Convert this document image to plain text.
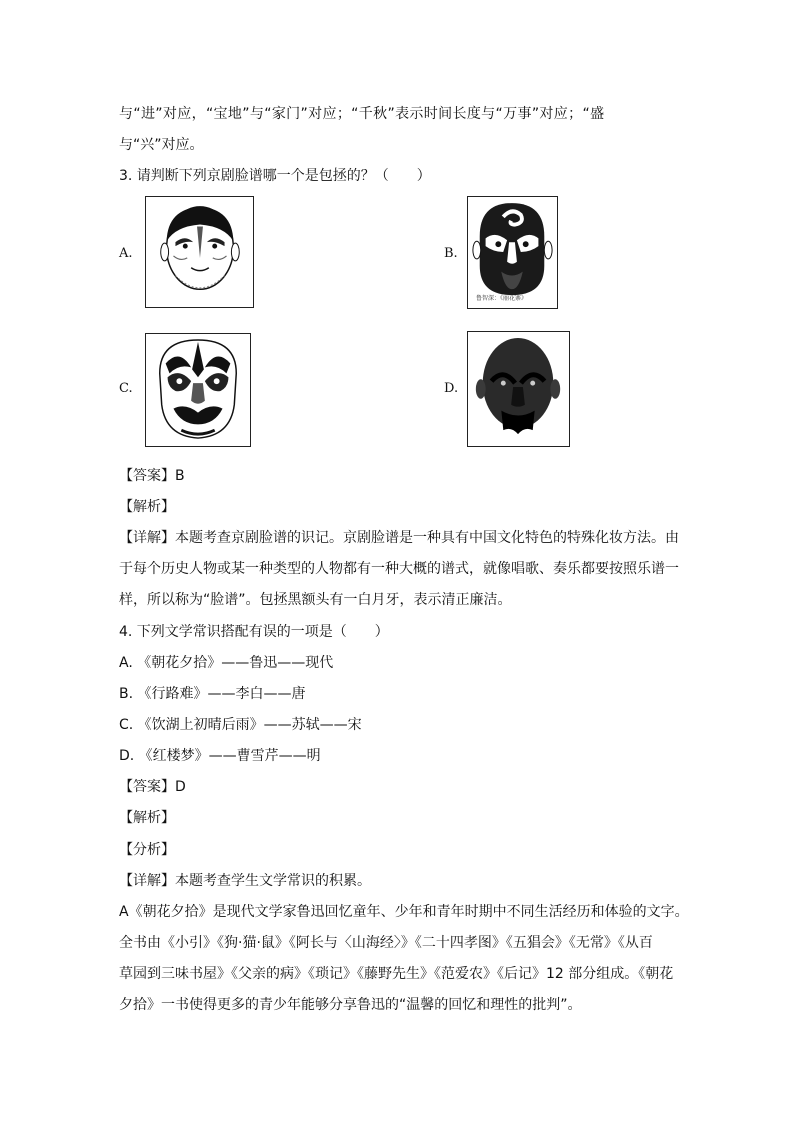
与“进”对应，“宝地”与“家门”对应；“千秋”表示时间长度与“万事”对应；“盛
与“兴”对应。
3. 请判断下列京剧脸谱哪一个是包拯的？（　　）
A.	B.
鲁智深：《丽花寨》
C.	D.
【答案】B
【解析】
【详解】本题考查京剧脸谱的识记。京剧脸谱是一种具有中国文化特色的特殊化妆方法。由
于每个历史人物或某一种类型的人物都有一种大概的谱式，就像唱歌、奏乐都要按照乐谱一
样，所以称为“脸谱”。包拯黑额头有一白月牙，表示清正廉洁。
4. 下列文学常识搭配有误的一项是（　　）
A. 《朝花夕拾》——鲁迅——现代
B. 《行路难》——李白——唐
C. 《饮湖上初晴后雨》——苏轼——宋
D. 《红楼梦》——曹雪芹——明
【答案】D
【解析】
【分析】
【详解】本题考查学生文学常识的积累。
A《朝花夕拾》是现代文学家鲁迅回忆童年、少年和青年时期中不同生活经历和体验的文字。
全书由《小引》《狗·猫·鼠》《阿长与〈山海经〉》《二十四孝图》《五猖会》《无常》《从百
草园到三味书屋》《父亲的病》《琐记》《藤野先生》《范爱农》《后记》12 部分组成。《朝花
夕拾》一书使得更多的青少年能够分享鲁迅的“温馨的回忆和理性的批判”。
